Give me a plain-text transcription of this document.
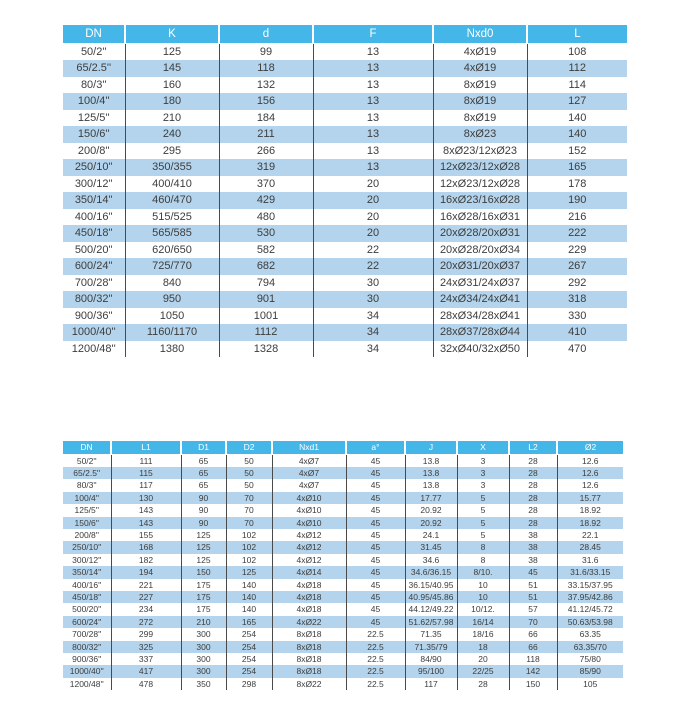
DN	K	d	F	Nxd0	L
50/2''	125	99	13	4xØ19	108
65/2.5''	145	118	13	4xØ19	112
80/3''	160	132	13	8xØ19	114
100/4''	180	156	13	8xØ19	127
125/5''	210	184	13	8xØ19	140
150/6''	240	211	13	8xØ23	140
200/8''	295	266	13	8xØ23/12xØ23	152
250/10''	350/355	319	13	12xØ23/12xØ28	165
300/12''	400/410	370	20	12xØ23/12xØ28	178
350/14''	460/470	429	20	16xØ23/16xØ28	190
400/16''	515/525	480	20	16xØ28/16xØ31	216
450/18''	565/585	530	20	20xØ28/20xØ31	222
500/20''	620/650	582	22	20xØ28/20xØ34	229
600/24''	725/770	682	22	20xØ31/20xØ37	267
700/28''	840	794	30	24xØ31/24xØ37	292
800/32''	950	901	30	24xØ34/24xØ41	318
900/36''	1050	1001	34	28xØ34/28xØ41	330
1000/40''	1160/1170	1112	34	28xØ37/28xØ44	410
1200/48''	1380	1328	34	32xØ40/32xØ50	470
DN	L1	D1	D2	Nxd1	a°	J	X	L2	Ø2
50/2''	111	65	50	4xØ7	45	13.8	3	28	12.6
65/2.5''	115	65	50	4xØ7	45	13.8	3	28	12.6
80/3''	117	65	50	4xØ7	45	13.8	3	28	12.6
100/4''	130	90	70	4xØ10	45	17.77	5	28	15.77
125/5''	143	90	70	4xØ10	45	20.92	5	28	18.92
150/6''	143	90	70	4xØ10	45	20.92	5	28	18.92
200/8''	155	125	102	4xØ12	45	24.1	5	38	22.1
250/10''	168	125	102	4xØ12	45	31.45	8	38	28.45
300/12''	182	125	102	4xØ12	45	34.6	8	38	31.6
350/14''	194	150	125	4xØ14	45	34.6/36.15	8/10.	45	31.6/33.15
400/16''	221	175	140	4xØ18	45	36.15/40.95	10	51	33.15/37.95
450/18''	227	175	140	4xØ18	45	40.95/45.86	10	51	37.95/42.86
500/20''	234	175	140	4xØ18	45	44.12/49.22	10/12.	57	41.12/45.72
600/24''	272	210	165	4xØ22	45	51.62/57.98	16/14	70	50.63/53.98
700/28''	299	300	254	8xØ18	22.5	71.35	18/16	66	63.35
800/32''	325	300	254	8xØ18	22.5	71.35/79	18	66	63.35/70
900/36''	337	300	254	8xØ18	22.5	84/90	20	118	75/80
1000/40''	417	300	254	8xØ18	22.5	95/100	22/25	142	85/90
1200/48''	478	350	298	8xØ22	22.5	117	28	150	105
